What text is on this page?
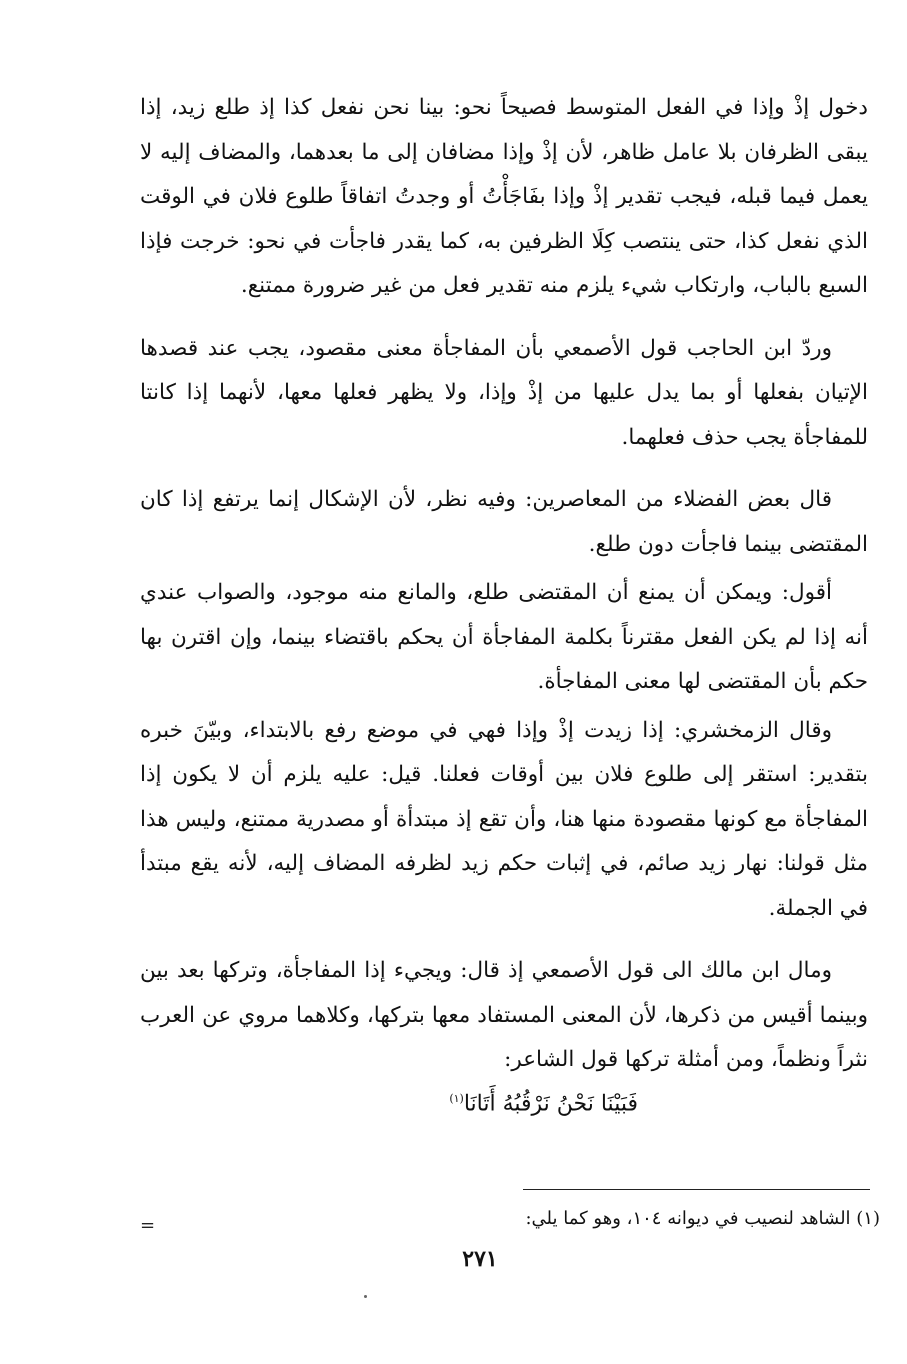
دخول إذْ وإذا في الفعل المتوسط فصيحاً نحو: بينا نحن نفعل كذا إذ طلع زيد، إذا يبقى الظرفان بلا عامل ظاهر، لأن إذْ وإذا مضافان إلى ما بعدهما، والمضاف إليه لا يعمل فيما قبله، فيجب تقدير إذْ وإذا بفَاجَأْتُ أو وجدتُ اتفاقاً طلوع فلان في الوقت الذي نفعل كذا، حتى ينتصب كِلَا الظرفين به، كما يقدر فاجأت في نحو: خرجت فإذا السبع بالباب، وارتكاب شيء يلزم منه تقدير فعل من غير ضرورة ممتنع.

وردّ ابن الحاجب قول الأصمعي بأن المفاجأة معنى مقصود، يجب عند قصدها الإتيان بفعلها أو بما يدل عليها من إذْ وإذا، ولا يظهر فعلها معها، لأنهما إذا كانتا للمفاجأة يجب حذف فعلهما.

قال بعض الفضلاء من المعاصرين: وفيه نظر، لأن الإشكال إنما يرتفع إذا كان المقتضى بينما فاجأت دون طلع.

أقول: ويمكن أن يمنع أن المقتضى طلع، والمانع منه موجود، والصواب عندي أنه إذا لم يكن الفعل مقترناً بكلمة المفاجأة أن يحكم باقتضاء بينما، وإن اقترن بها حكم بأن المقتضى لها معنى المفاجأة.

وقال الزمخشري: إذا زيدت إذْ وإذا فهي في موضع رفع بالابتداء، وبيّنَ خبره بتقدير: استقر إلى طلوع فلان بين أوقات فعلنا. قيل: عليه يلزم أن لا يكون إذا المفاجأة مع كونها مقصودة منها هنا، وأن تقع إذ مبتدأة أو مصدرية ممتنع، وليس هذا مثل قولنا: نهار زيد صائم، في إثبات حكم زيد لظرفه المضاف إليه، لأنه يقع مبتدأ في الجملة.

ومال ابن مالك الى قول الأصمعي إذ قال: ويجيء إذا المفاجأة، وتركها بعد بين وبينما أقيس من ذكرها، لأن المعنى المستفاد معها بتركها، وكلاهما مروي عن العرب نثراً ونظماً، ومن أمثلة تركها قول الشاعر:

فَبَيْنَا نَحْنُ نَرْقُبُهُ أَتَانَا$^{(١)}$
(١) الشاهد لنصيب في ديوانه ١٠٤، وهو كما يلي:
=
٢٧١
